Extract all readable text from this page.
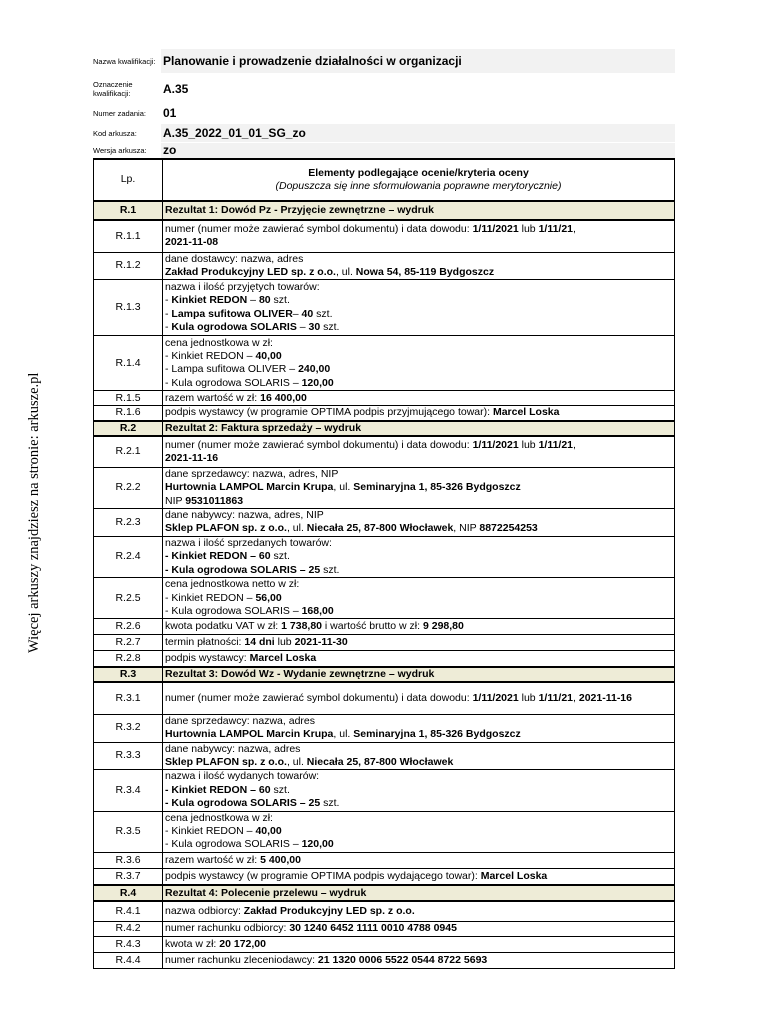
Więcej arkuszy znajdziesz na stronie: arkusze.pl
Nazwa kwalifikacji: Planowanie i prowadzenie działalności w organizacji
Oznaczenie kwalifikacji:	A.35
Numer zadania:	01
Kod arkusza:	A.35_2022_01_01_SG_zo
Wersja arkusza:	zo
Lp.	Elementy podlegające ocenie/kryteria oceny
(Dopuszcza się inne sformułowania poprawne merytorycznie)

R.1	Rezultat 1: Dowód Pz - Przyjęcie zewnętrzne – wydruk
R.1.1	numer (numer może zawierać symbol dokumentu) i data dowodu: 1/11/2021 lub 1/11/21,
2021-11-08
R.1.2	dane dostawcy: nazwa, adres
Zakład Produkcyjny LED sp. z o.o., ul. Nowa 54, 85-119 Bydgoszcz
R.1.3	nazwa i ilość przyjętych towarów:
- Kinkiet REDON – 80 szt.
- Lampa sufitowa OLIVER– 40 szt.
- Kula ogrodowa SOLARIS – 30 szt.
R.1.4	cena jednostkowa w zł:
- Kinkiet REDON – 40,00
- Lampa sufitowa OLIVER – 240,00
- Kula ogrodowa SOLARIS – 120,00
R.1.5	razem wartość w zł: 16 400,00
R.1.6	podpis wystawcy (w programie OPTIMA podpis przyjmującego towar): Marcel Loska
R.2	Rezultat 2: Faktura sprzedaży – wydruk
R.2.1	numer (numer może zawierać symbol dokumentu) i data dowodu: 1/11/2021 lub 1/11/21,
2021-11-16
R.2.2	dane sprzedawcy: nazwa, adres, NIP
Hurtownia LAMPOL Marcin Krupa, ul. Seminaryjna 1, 85-326 Bydgoszcz
NIP 9531011863
R.2.3	dane nabywcy: nazwa, adres, NIP
Sklep PLAFON sp. z o.o., ul. Niecała 25, 87-800 Włocławek, NIP 8872254253
R.2.4	nazwa i ilość sprzedanych towarów:
- Kinkiet REDON – 60 szt.
- Kula ogrodowa SOLARIS – 25 szt.
R.2.5	cena jednostkowa netto w zł:
- Kinkiet REDON – 56,00
- Kula ogrodowa SOLARIS – 168,00
R.2.6	kwota podatku VAT w zł: 1 738,80 i wartość brutto w zł: 9 298,80
R.2.7	termin płatności: 14 dni lub 2021-11-30
R.2.8	podpis wystawcy: Marcel Loska
R.3	Rezultat 3: Dowód Wz - Wydanie zewnętrzne – wydruk
R.3.1	numer (numer może zawierać symbol dokumentu) i data dowodu: 1/11/2021 lub 1/11/21, 2021-11-16
R.3.2	dane sprzedawcy: nazwa, adres
Hurtownia LAMPOL Marcin Krupa, ul. Seminaryjna 1, 85-326 Bydgoszcz
R.3.3	dane nabywcy: nazwa, adres
Sklep PLAFON sp. z o.o., ul. Niecała 25, 87-800 Włocławek
R.3.4	nazwa i ilość wydanych towarów:
- Kinkiet REDON – 60 szt.
- Kula ogrodowa SOLARIS – 25 szt.
R.3.5	cena jednostkowa w zł:
- Kinkiet REDON – 40,00
- Kula ogrodowa SOLARIS – 120,00
R.3.6	razem wartość w zł: 5 400,00
R.3.7	podpis wystawcy (w programie OPTIMA podpis wydającego towar): Marcel Loska
R.4	Rezultat 4: Polecenie przelewu – wydruk
R.4.1	nazwa odbiorcy: Zakład Produkcyjny LED sp. z o.o.
R.4.2	numer rachunku odbiorcy: 30 1240 6452 1111 0010 4788 0945
R.4.3	kwota w zł: 20 172,00
R.4.4	numer rachunku zleceniodawcy: 21 1320 0006 5522 0544 8722 5693
